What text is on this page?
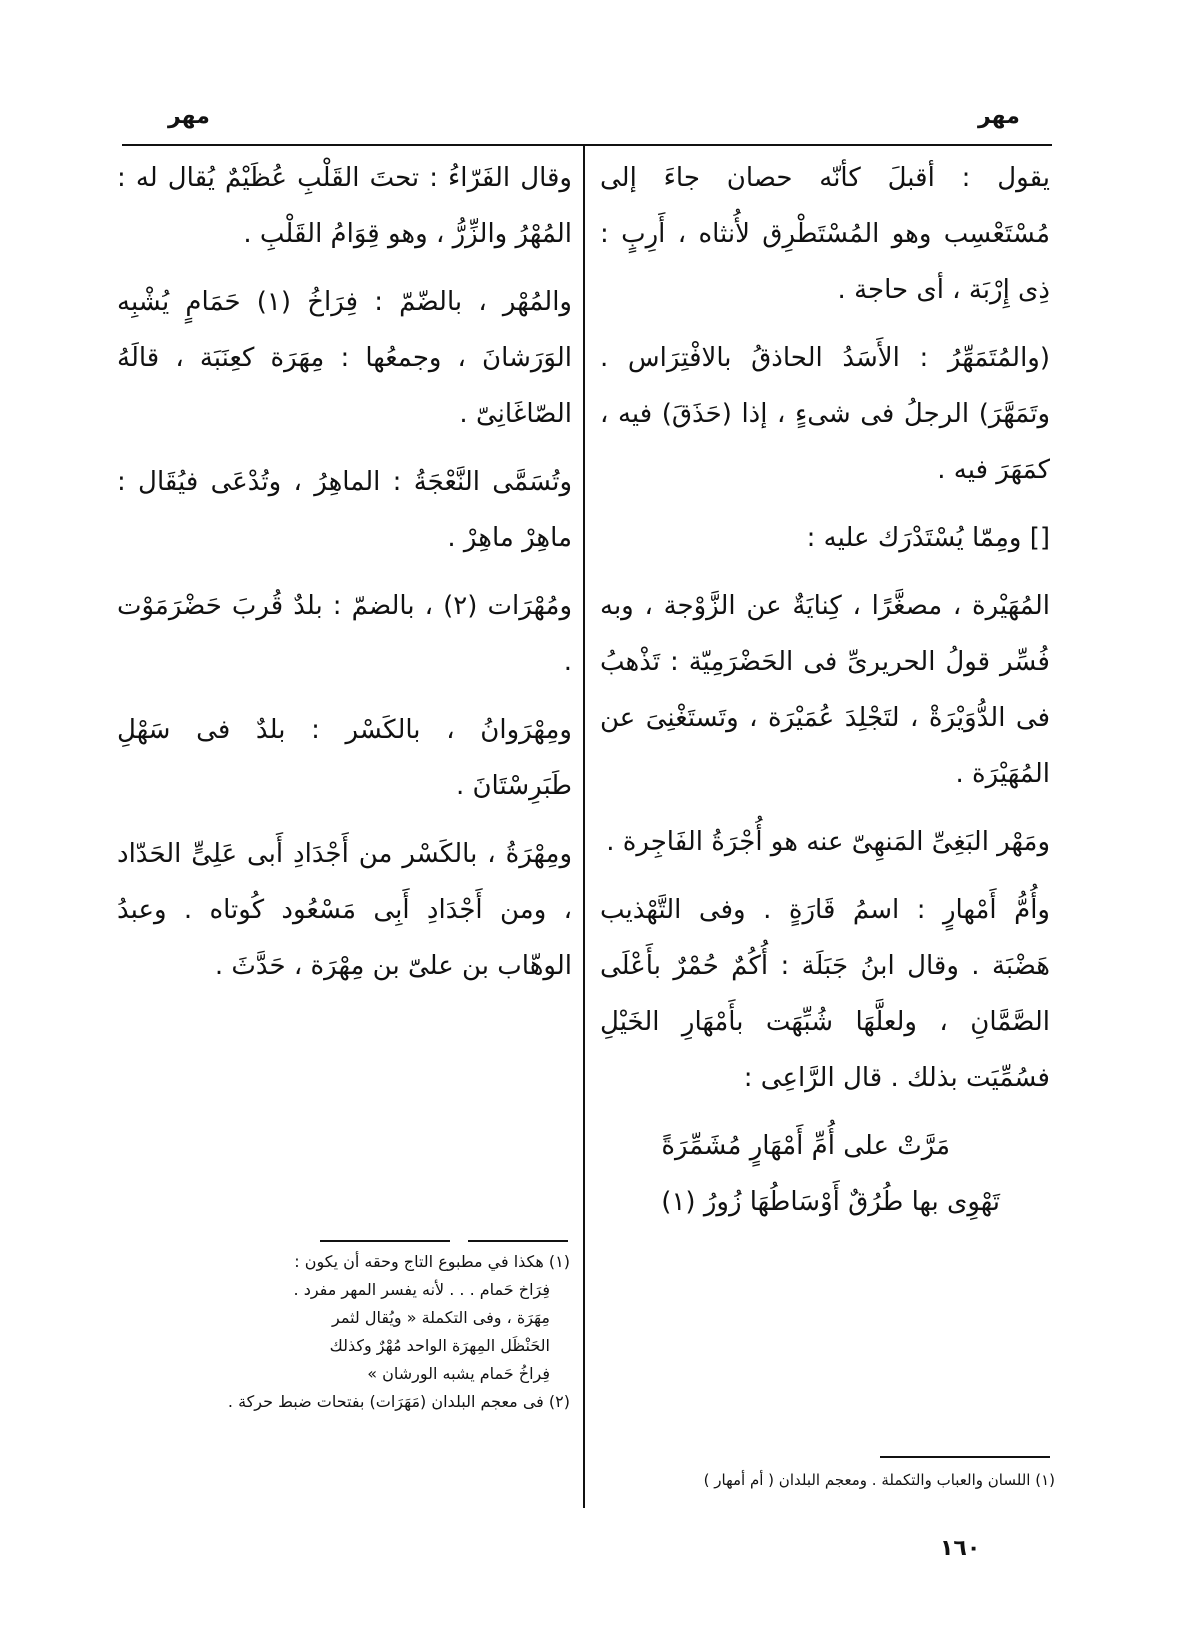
مهر
مهر

يقول : أقبلَ كأنّه حصان جاءَ إلى مُسْتَعْسِب وهو المُسْتَطْرِق لأُنثاه ، أَرِبٍ : ذِى إِرْبَة ، أى حاجة .

(والمُتَمَهِّرُ : الأَسَدُ الحاذقُ بالافْتِرَاس . وتَمَهَّرَ) الرجلُ فى شىءٍ ، إذا (حَذَقَ) فيه ، كمَهَرَ فيه .

[] ومِمّا يُسْتَدْرَك عليه :

المُهَيْرة ، مصغَّرًا ، كِنايَةٌ عن الزَّوْجة ، وبه فُسِّر قولُ الحريرىِّ فى الحَضْرَمِيّة : تَذْهبُ فى الدُّوَيْرَةْ ، لتَجْلِدَ عُمَيْرَة ، وتَستَغْنِىَ عن المُهَيْرَة .

ومَهْر البَغِىِّ المَنهِىّ عنه هو أُجْرَةُ الفَاجِرة .

وأُمُّ أَمْهارٍ : اسمُ قَارَةٍ . وفى التَّهْذيب هَضْبَة . وقال ابنُ جَبَلَة : أُكُمٌ حُمْرٌ بأَعْلَى الصَّمَّانِ ، ولعلَّهَا شُبِّهَت بأَمْهَارِ الخَيْلِ فسُمِّيَت بذلك . قال الرَّاعِى :

مَرَّتْ على أُمِّ أَمْهَارٍ مُشَمِّرَةً

تَهْوِى بها طُرُقٌ أَوْسَاطُهَا زُورُ (١)

وقال الفَرّاءُ : تحتَ القَلْبِ عُظَيْمٌ يُقال له : المُهْرُ والزِّرُّ ، وهو قِوَامُ القَلْبِ .

والمُهْر ، بالضّمّ : فِرَاخُ (١) حَمَامٍ يُشْبِه الوَرَشانَ ، وجمعُها : مِهَرَة كعِنَبَة ، قالَهُ الصّاغَانِىّ .

وتُسَمَّى النَّعْجَةُ : الماهِرُ ، وتُدْعَى فيُقَال : ماهِرْ ماهِرْ .

ومُهْرَات (٢) ، بالضمّ : بلدٌ قُربَ حَضْرَمَوْت .

ومِهْرَوانُ ، بالكَسْر : بلدٌ فى سَهْلِ طَبَرِسْتَانَ .

ومِهْرَةُ ، بالكَسْر من أَجْدَادِ أَبى عَلِىٍّ الحَدّاد ، ومن أَجْدَادِ أَبِى مَسْعُود كُوتاه . وعبدُ الوهّاب بن علىّ بن مِهْرَة ، حَدَّثَ .

(١) اللسان والعباب والتكملة . ومعجم البلدان ( أم أمهار )

(١) هكذا في مطبوع التاج وحقه أن يكون :

فِرَاخ حَمام . . . لأنه يفسر المهر مفرد .

مِهَرَة ، وفى التكملة « ويُقال لثمر

الحَنْظَل المِهرَة الواحد مُهْرٌ وكذلك

فِراخُ حَمام يشبه الورشان »

(٢) فى معجم البلدان (مَهَرَات) بفتحات ضبط حركة .

١٦٠
